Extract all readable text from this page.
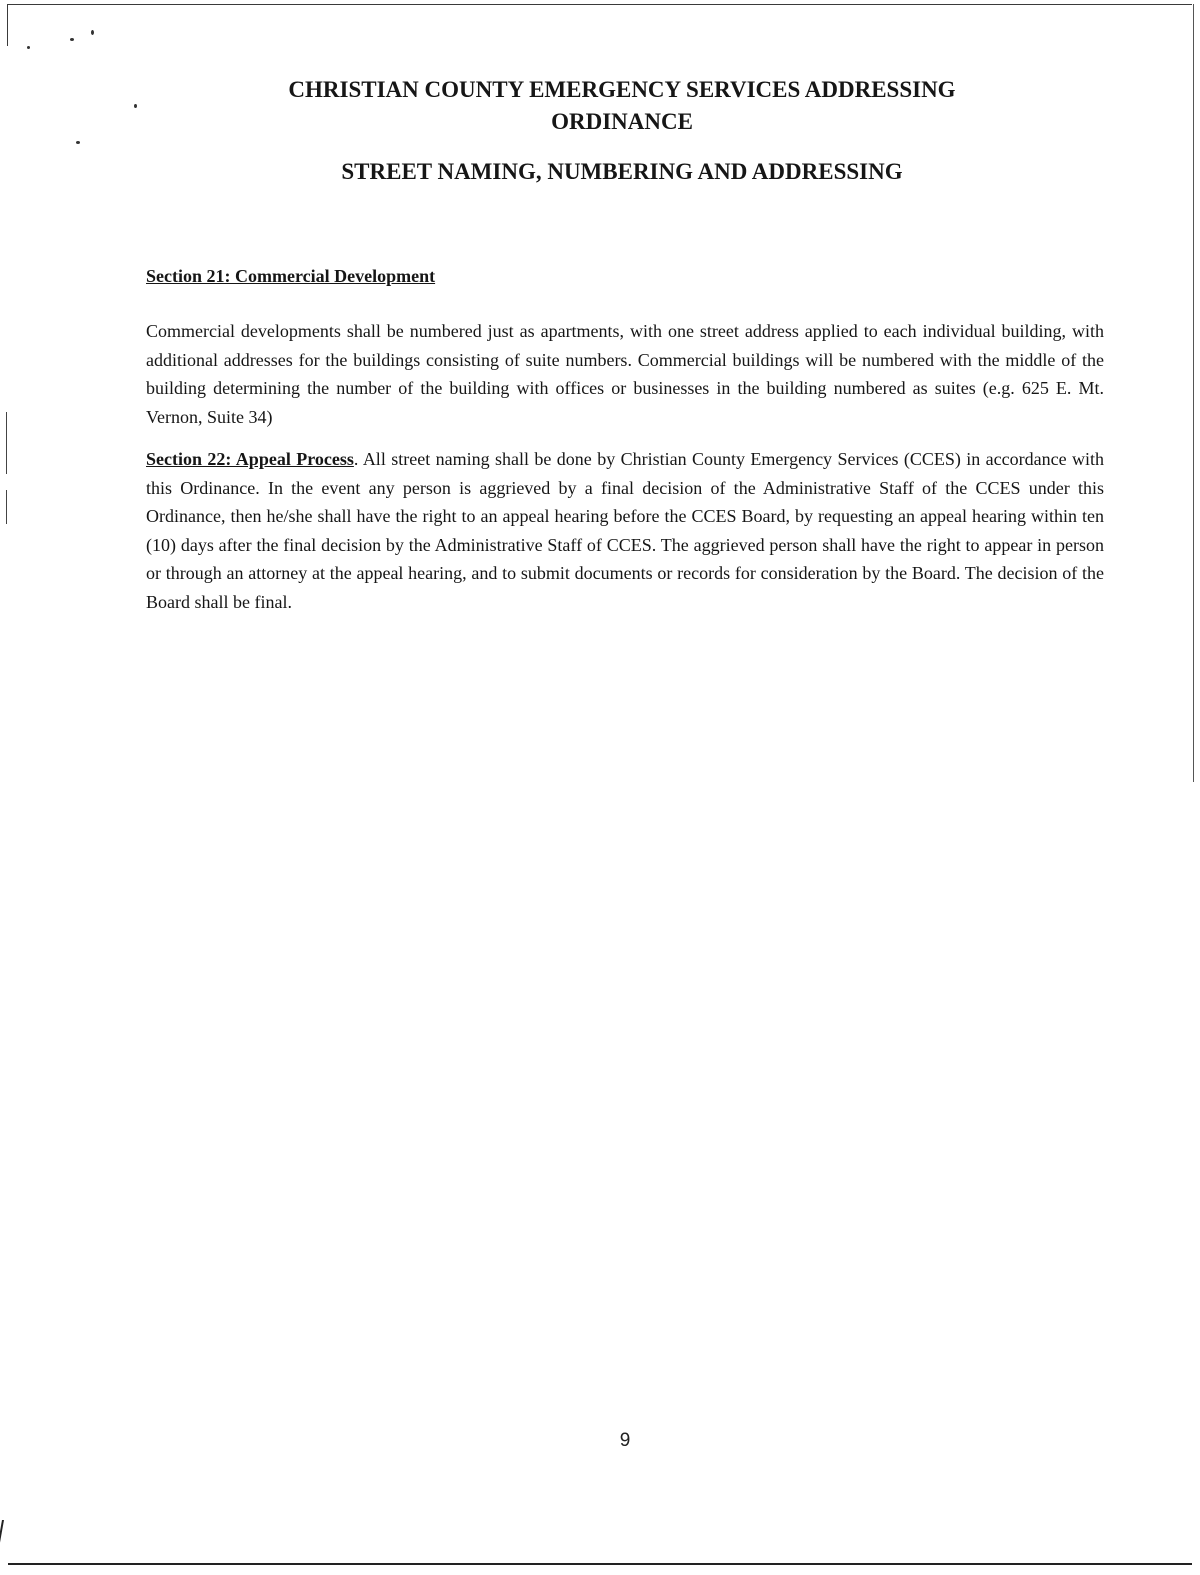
CHRISTIAN COUNTY EMERGENCY SERVICES ADDRESSING
ORDINANCE
STREET NAMING, NUMBERING AND ADDRESSING
Section 21: Commercial Development

Commercial developments shall be numbered just as apartments, with one street address applied to each individual building, with additional addresses for the buildings consisting of suite numbers. Commercial buildings will be numbered with the middle of the building determining the number of the building with offices or businesses in the building numbered as suites (e.g. 625 E. Mt. Vernon, Suite 34)

Section 22: Appeal Process. All street naming shall be done by Christian County Emergency Services (CCES) in accordance with this Ordinance. In the event any person is aggrieved by a final decision of the Administrative Staff of the CCES under this Ordinance, then he/she shall have the right to an appeal hearing before the CCES Board, by requesting an appeal hearing within ten (10) days after the final decision by the Administrative Staff of CCES. The aggrieved person shall have the right to appear in person or through an attorney at the appeal hearing, and to submit documents or records for consideration by the Board. The decision of the Board shall be final.

9
